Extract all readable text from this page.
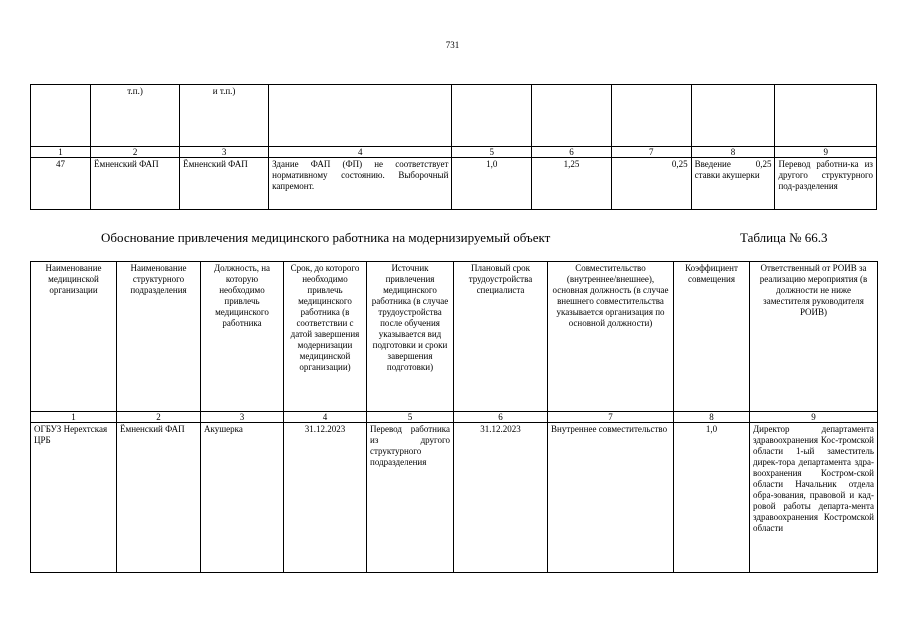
731
	т.п.)	и т.п.)						
1	2	3	4	5	6	7	8	9
47	Ёмненский ФАП	Ёмненский ФАП	Здание ФАП (ФП) не соответствует нормативному состоянию. Выборочный капремонт.	1,0	1,25	0,25	Введение 0,25 ставки акушерки	Перевод работни-ка из другого структурного под-разделения
Обоснование привлечения медицинского работника на модернизируемый объект	Таблица № 66.3
Наименование медицинской организации	Наименование структурного подразделения	Должность, на которую необходимо привлечь медицинского работника	Срок, до которого необходимо привлечь медицинского работника (в соответствии с датой завершения модернизации медицинской организации)	Источник привлечения медицинского работника (в случае трудоустройства после обучения указывается вид подготовки и сроки завершения подготовки)	Плановый срок трудоустройства специалиста	Совместительство (внутреннее/внешнее), основная должность (в случае внешнего совместительства указывается организация по основной должности)	Коэффициент совмещения	Ответственный от РОИВ за реализацию мероприятия (в должности не ниже заместителя руководителя РОИВ)
1	2	3	4	5	6	7	8	9
ОГБУЗ Нерехтская ЦРБ	Ёмненский ФАП	Акушерка	31.12.2023	Перевод работника из другого структурного подразделения	31.12.2023	Внутреннее совместительство	1,0	Директор департамента здравоохранения Кос-тромской области 1-ый заместитель дирек-тора департамента здра-воохранения Костром-ской области Начальник отдела обра-зования, правовой и кад-ровой работы департа-мента здравоохранения Костромской области
